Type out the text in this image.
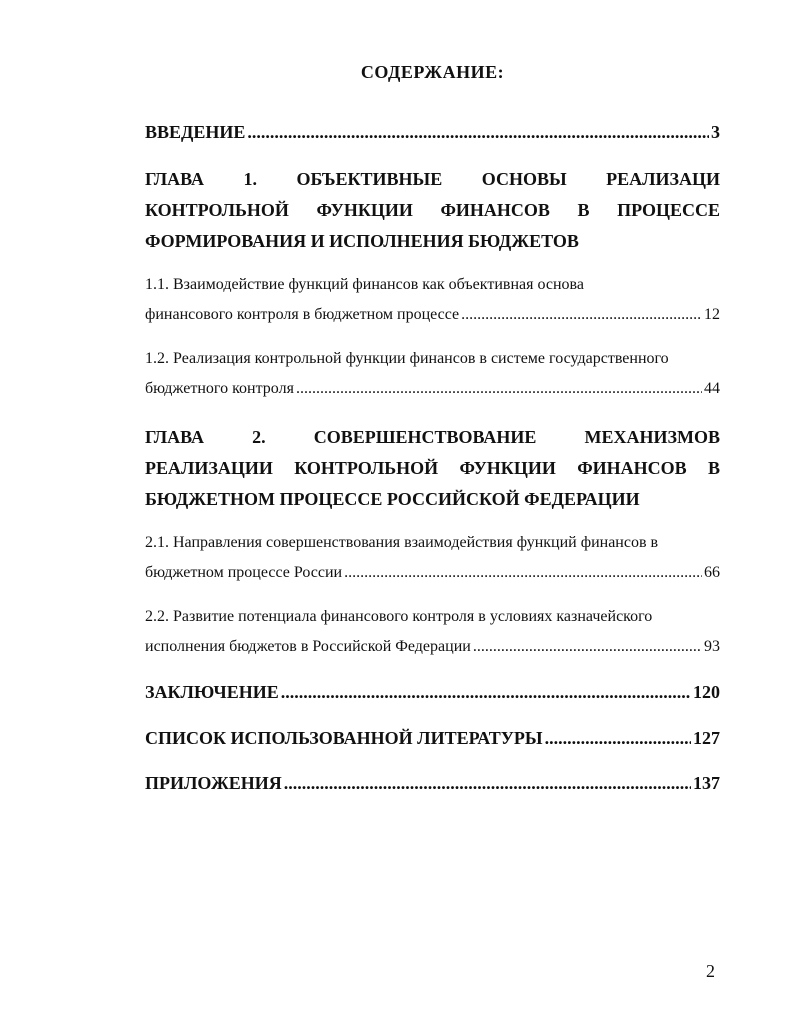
СОДЕРЖАНИЕ:
ВВЕДЕНИЕ .....	3
ГЛАВА 1. ОБЪЕКТИВНЫЕ ОСНОВЫ РЕАЛИЗАЦИ
КОНТРОЛЬНОЙ ФУНКЦИИ ФИНАНСОВ В ПРОЦЕССЕ
ФОРМИРОВАНИЯ И ИСПОЛНЕНИЯ БЮДЖЕТОВ
1.1. Взаимодействие функций финансов как объективная основа
финансового контроля в бюджетном процессе .....	12
1.2. Реализация контрольной функции финансов в системе государственного
бюджетного контроля .....	44
ГЛАВА	2.	СОВЕРШЕНСТВОВАНИЕ	МЕХАНИЗМОВ
РЕАЛИЗАЦИИ КОНТРОЛЬНОЙ ФУНКЦИИ ФИНАНСОВ В
БЮДЖЕТНОМ ПРОЦЕССЕ РОССИЙСКОЙ ФЕДЕРАЦИИ
2.1. Направления совершенствования взаимодействия функций финансов в
бюджетном процессе России .....	66
2.2. Развитие потенциала финансового контроля в условиях казначейского
исполнения бюджетов в Российской Федерации .....	93
ЗАКЛЮЧЕНИЕ .....	120
СПИСОК ИСПОЛЬЗОВАННОЙ ЛИТЕРАТУРЫ .....	127
ПРИЛОЖЕНИЯ .....	137
2
